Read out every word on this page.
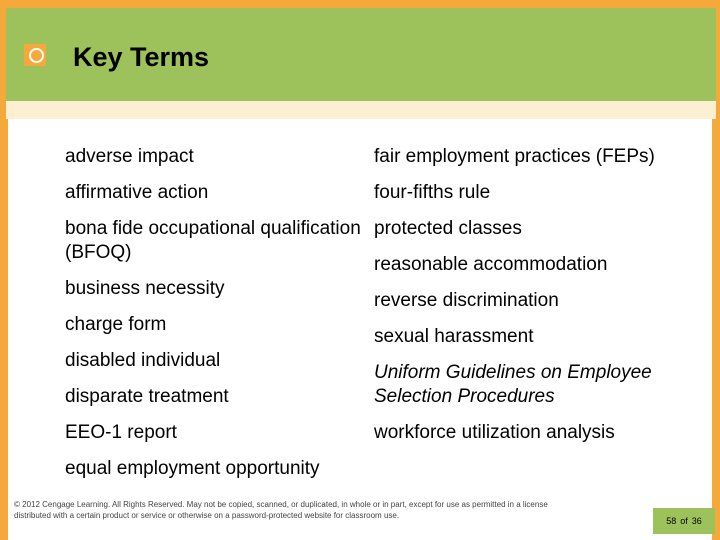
Key Terms
adverse impact
affirmative action
bona fide occupational qualification (BFOQ)
business necessity
charge form
disabled individual
disparate treatment
EEO-1 report
equal employment opportunity
fair employment practices (FEPs)
four-fifths rule
protected classes
reasonable accommodation
reverse discrimination
sexual harassment
Uniform Guidelines on Employee Selection Procedures
workforce utilization analysis
© 2012 Cengage Learning. All Rights Reserved. May not be copied, scanned, or duplicated, in whole or in part, except for use as permitted in a license distributed with a certain product or service or otherwise on a password-protected website for classroom use.
58 of 36
